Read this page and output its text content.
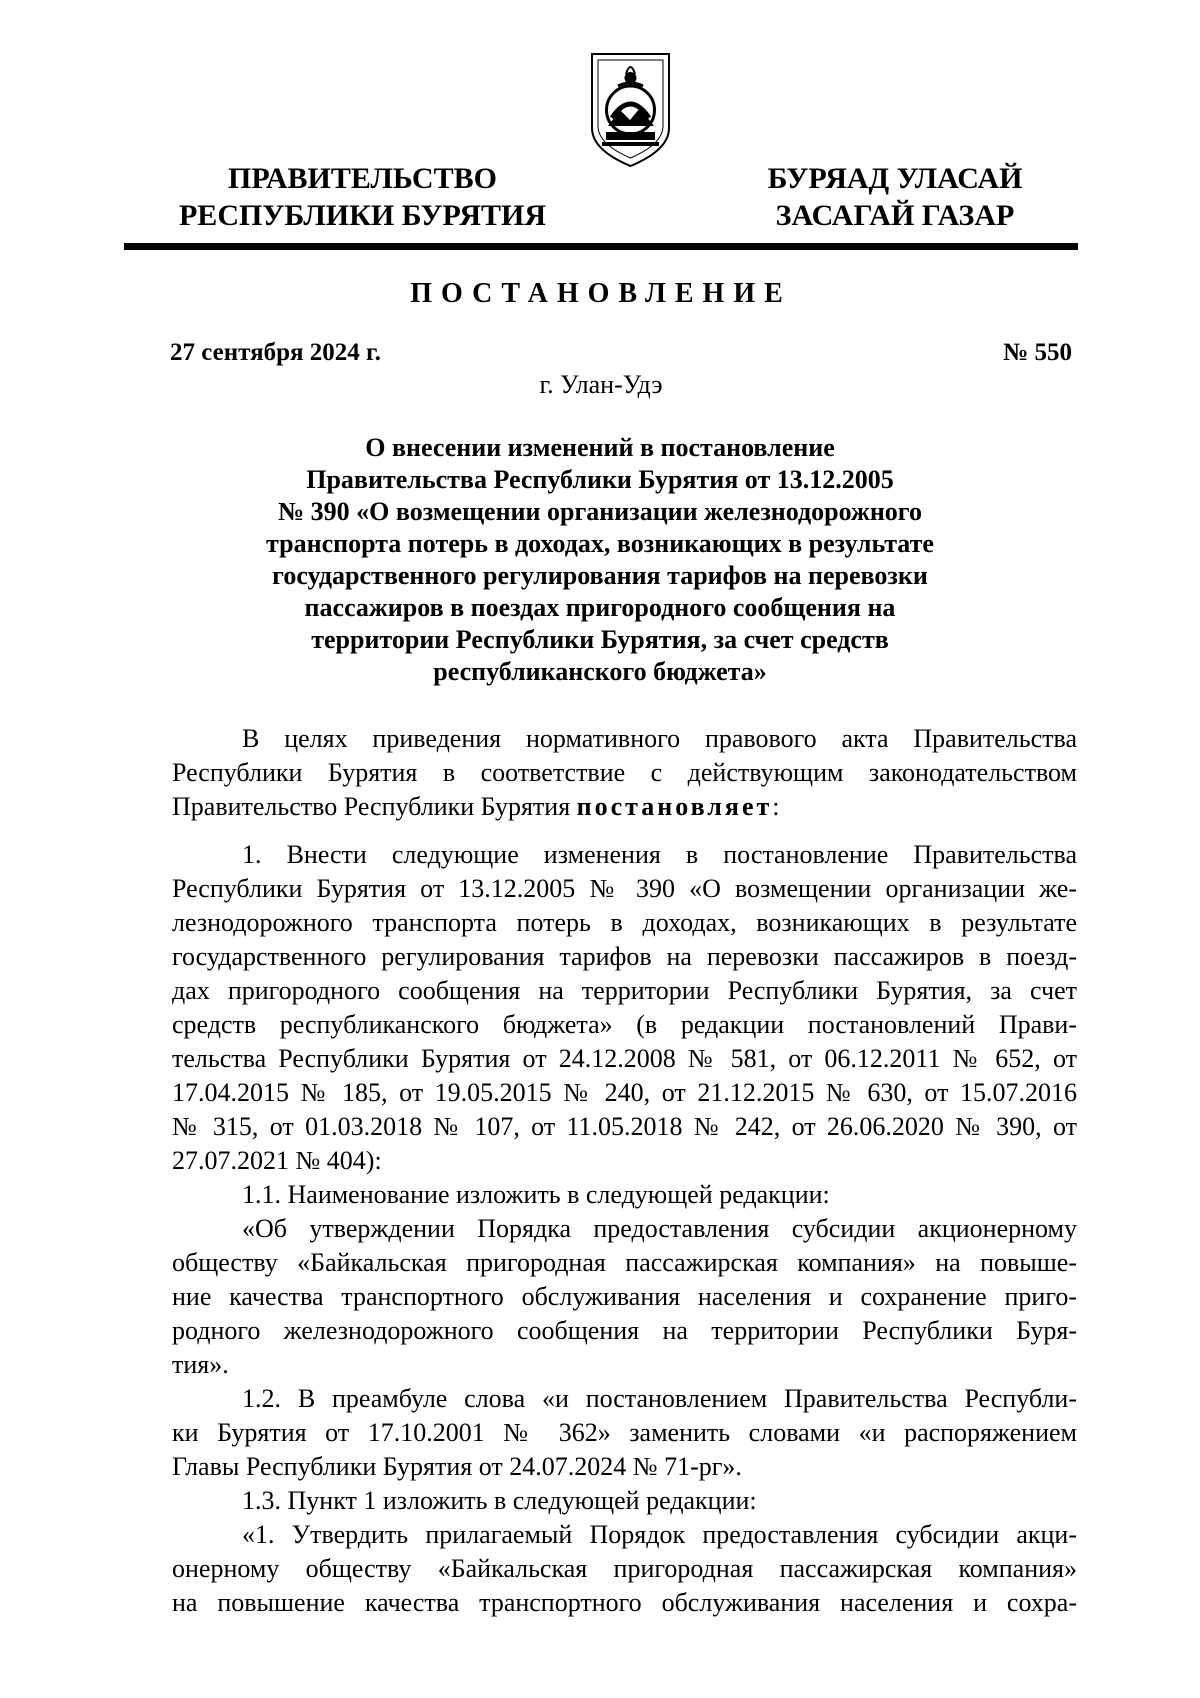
ПРАВИТЕЛЬСТВО
РЕСПУБЛИКИ БУРЯТИЯ
БУРЯАД УЛАСАЙ
ЗАСАГАЙ ГАЗАР
ПОСТАНОВЛЕНИЕ
27 сентября 2024 г.	№ 550
г. Улан-Удэ
О внесении изменений в постановление
Правительства Республики Бурятия от 13.12.2005
№ 390 «О возмещении организации железнодорожного
транспорта потерь в доходах, возникающих в результате
государственного регулирования тарифов на перевозки
пассажиров в поездах пригородного сообщения на
территории Республики Бурятия, за счет средств
республиканского бюджета»
В целях приведения нормативного правового акта Правительства
Республики Бурятия в соответствие с действующим законодательством
Правительство Республики Бурятия постановляет:
1. Внести следующие изменения в постановление Правительства
Республики Бурятия от 13.12.2005 № 390 «О возмещении организации же-
лезнодорожного транспорта потерь в доходах, возникающих в результате
государственного регулирования тарифов на перевозки пассажиров в поезд-
дах пригородного сообщения на территории Республики Бурятия, за счет
средств республиканского бюджета» (в редакции постановлений Прави-
тельства Республики Бурятия от 24.12.2008 № 581, от 06.12.2011 № 652, от
17.04.2015 № 185, от 19.05.2015 № 240, от 21.12.2015 № 630, от 15.07.2016
№ 315, от 01.03.2018 № 107, от 11.05.2018 № 242, от 26.06.2020 № 390, от
27.07.2021 № 404):
1.1. Наименование изложить в следующей редакции:
«Об утверждении Порядка предоставления субсидии акционерному
обществу «Байкальская пригородная пассажирская компания» на повыше-
ние качества транспортного обслуживания населения и сохранение приго-
родного железнодорожного сообщения на территории Республики Буря-
тия».
1.2. В преамбуле слова «и постановлением Правительства Республи-
ки Бурятия от 17.10.2001 № 362» заменить словами «и распоряжением
Главы Республики Бурятия от 24.07.2024 № 71-рг».
1.3. Пункт 1 изложить в следующей редакции:
«1. Утвердить прилагаемый Порядок предоставления субсидии акци-
онерному обществу «Байкальская пригородная пассажирская компания»
на повышение качества транспортного обслуживания населения и сохра-
